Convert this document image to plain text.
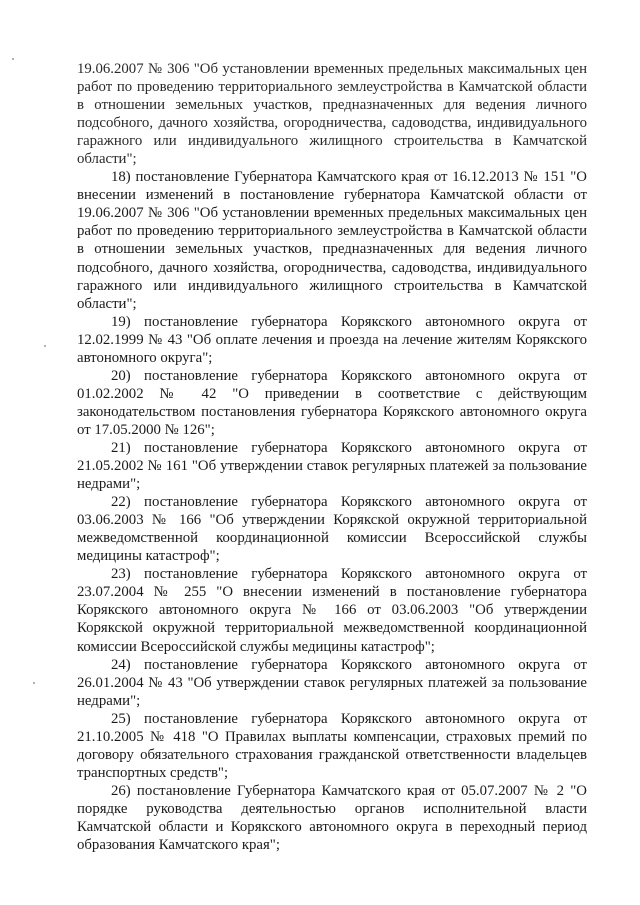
19.06.2007 № 306 "Об установлении временных предельных максимальных цен работ по проведению территориального землеустройства в Камчатской области в отношении земельных участков, предназначенных для ведения личного подсобного, дачного хозяйства, огородничества, садоводства, индивидуального гаражного или индивидуального жилищного строительства в Камчатской области";

18) постановление Губернатора Камчатского края от 16.12.2013 № 151 "О внесении изменений в постановление губернатора Камчатской области от 19.06.2007 № 306 "Об установлении временных предельных максимальных цен работ по проведению территориального землеустройства в Камчатской области в отношении земельных участков, предназначенных для ведения личного подсобного, дачного хозяйства, огородничества, садоводства, индивидуального гаражного или индивидуального жилищного строительства в Камчатской области";

19) постановление губернатора Корякского автономного округа от 12.02.1999 № 43 "Об оплате лечения и проезда на лечение жителям Корякского автономного округа";

20) постановление губернатора Корякского автономного округа от 01.02.2002 № 42 "О приведении в соответствие с действующим законодательством постановления губернатора Корякского автономного округа от 17.05.2000 № 126";

21) постановление губернатора Корякского автономного округа от 21.05.2002 № 161 "Об утверждении ставок регулярных платежей за пользование недрами";

22) постановление губернатора Корякского автономного округа от 03.06.2003 № 166 "Об утверждении Корякской окружной территориальной межведомственной координационной комиссии Всероссийской службы медицины катастроф";

23) постановление губернатора Корякского автономного округа от 23.07.2004 № 255 "О внесении изменений в постановление губернатора Корякского автономного округа № 166 от 03.06.2003 "Об утверждении Корякской окружной территориальной межведомственной координационной комиссии Всероссийской службы медицины катастроф";

24) постановление губернатора Корякского автономного округа от 26.01.2004 № 43 "Об утверждении ставок регулярных платежей за пользование недрами";

25) постановление губернатора Корякского автономного округа от 21.10.2005 № 418 "О Правилах выплаты компенсации, страховых премий по договору обязательного страхования гражданской ответственности владельцев транспортных средств";

26) постановление Губернатора Камчатского края от 05.07.2007 № 2 "О порядке руководства деятельностью органов исполнительной власти Камчатской области и Корякского автономного округа в переходный период образования Камчатского края";
